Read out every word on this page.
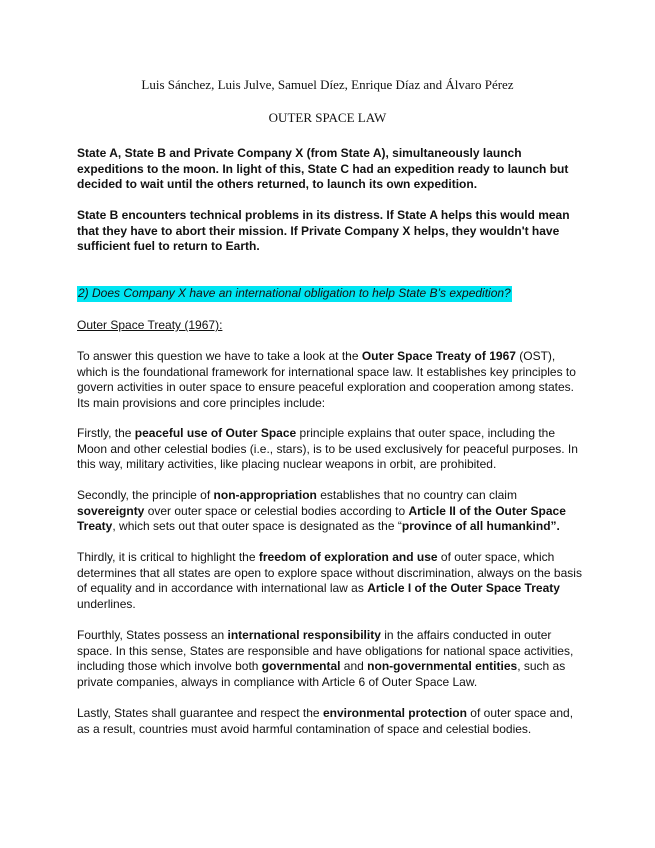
Luis Sánchez, Luis Julve, Samuel Díez, Enrique Díaz and Álvaro Pérez
OUTER SPACE LAW

State A, State B and Private Company X (from State A), simultaneously launch expeditions to the moon. In light of this, State C had an expedition ready to launch but decided to wait until the others returned, to launch its own expedition.

State B encounters technical problems in its distress. If State A helps this would mean that they have to abort their mission. If Private Company X helps, they wouldn't have sufficient fuel to return to Earth.

2) Does Company X have an international obligation to help State B’s expedition?
Outer Space Treaty (1967):

To answer this question we have to take a look at the Outer Space Treaty of 1967 (OST), which is the foundational framework for international space law. It establishes key principles to govern activities in outer space to ensure peaceful exploration and cooperation among states. Its main provisions and core principles include:

Firstly, the peaceful use of Outer Space principle explains that outer space, including the Moon and other celestial bodies (i.e., stars), is to be used exclusively for peaceful purposes. In this way, military activities, like placing nuclear weapons in orbit, are prohibited.

Secondly, the principle of non-appropriation establishes that no country can claim sovereignty over outer space or celestial bodies according to Article II of the Outer Space Treaty, which sets out that outer space is designated as the “province of all humankind”.

Thirdly, it is critical to highlight the freedom of exploration and use of outer space, which determines that all states are open to explore space without discrimination, always on the basis of equality and in accordance with international law as Article I of the Outer Space Treaty underlines.

Fourthly, States possess an international responsibility in the affairs conducted in outer space. In this sense, States are responsible and have obligations for national space activities, including those which involve both governmental and non-governmental entities, such as private companies, always in compliance with Article 6 of Outer Space Law.

Lastly, States shall guarantee and respect the environmental protection of outer space and, as a result, countries must avoid harmful contamination of space and celestial bodies.
